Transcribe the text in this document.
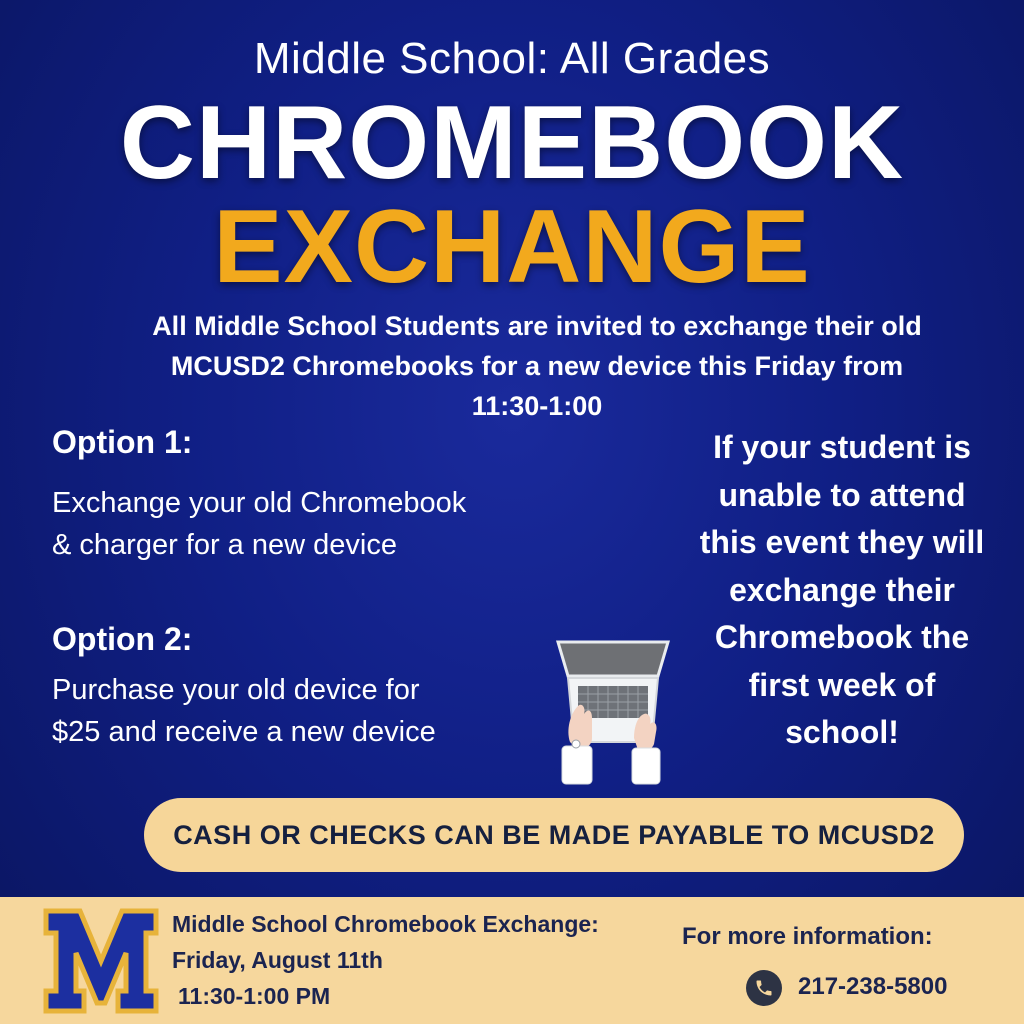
Middle School: All Grades
CHROMEBOOK
EXCHANGE
All Middle School Students are invited to exchange their old
MCUSD2 Chromebooks for a new device this Friday from
11:30-1:00
Option 1:
Exchange your old Chromebook
& charger for a new device
Option 2:
Purchase your old device for
$25 and receive a new device
If your student is
unable to attend
this event they will
exchange their
Chromebook the
first week of
school!
CASH OR CHECKS CAN BE MADE PAYABLE TO MCUSD2
M
Middle School Chromebook Exchange:
Friday, August 11th
11:30-1:00 PM
For more information:
217-238-5800
